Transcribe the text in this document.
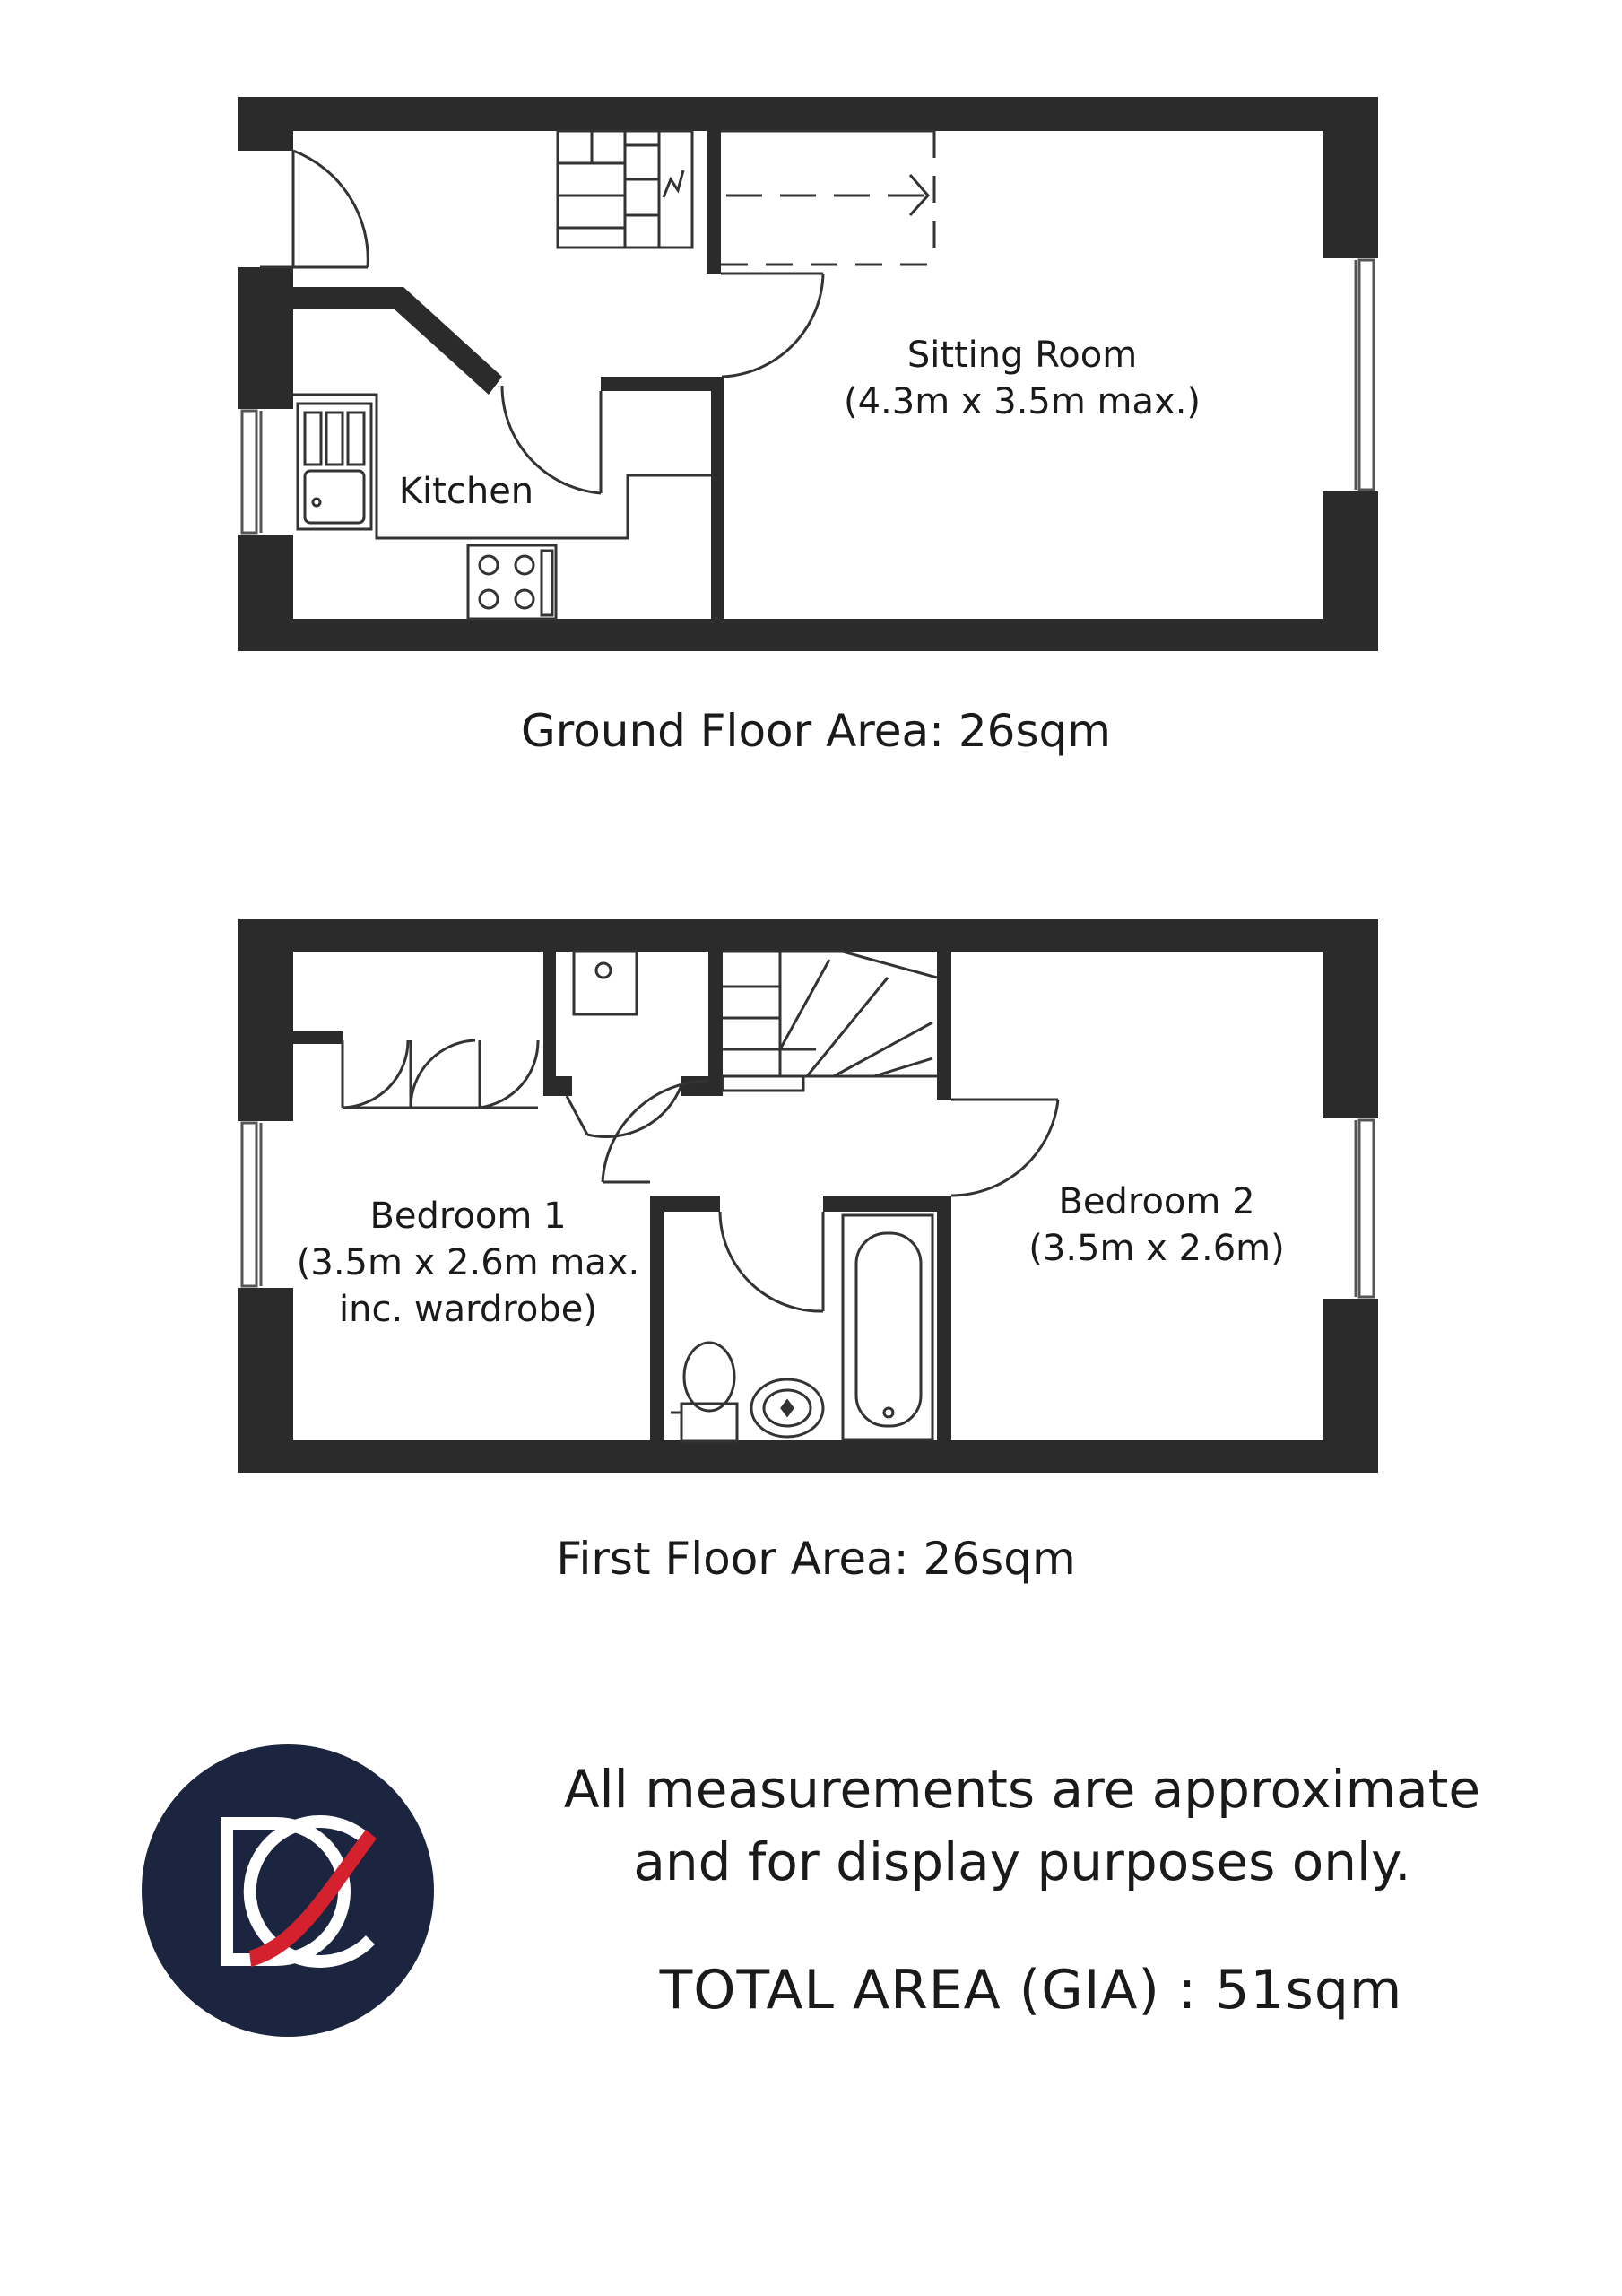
Sitting Room
(4.3m x 3.5m max.)
Kitchen
Ground Floor Area: 26sqm
Bedroom 1
(3.5m x 2.6m max.
inc. wardrobe)
Bedroom 2
(3.5m x 2.6m)
First Floor Area: 26sqm
All measurements are approximate
and for display purposes only.
TOTAL AREA (GIA) : 51sqm
